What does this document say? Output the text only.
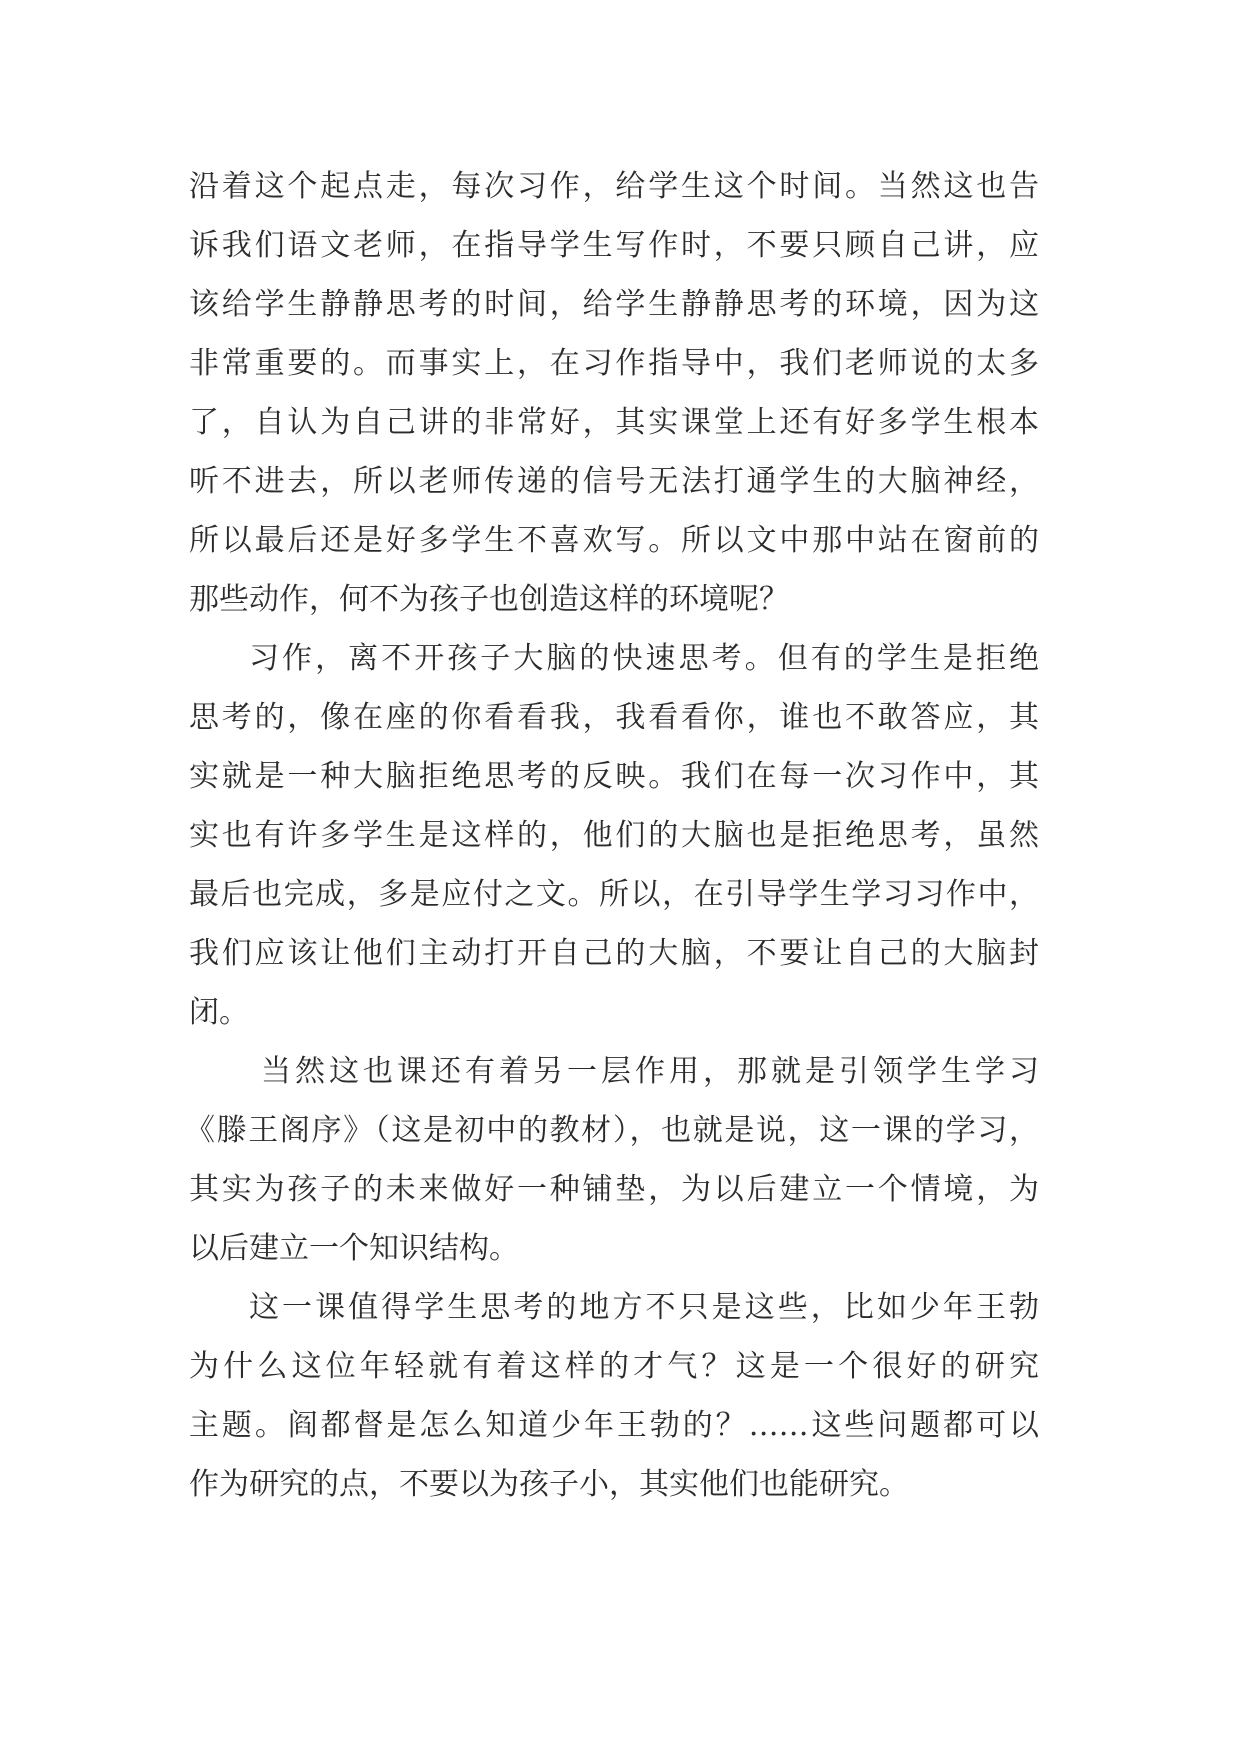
沿着这个起点走，每次习作，给学生这个时间。当然这也告
诉我们语文老师，在指导学生写作时，不要只顾自己讲，应
该给学生静静思考的时间，给学生静静思考的环境，因为这
非常重要的。而事实上，在习作指导中，我们老师说的太多
了，自认为自己讲的非常好，其实课堂上还有好多学生根本
听不进去，所以老师传递的信号无法打通学生的大脑神经，
所以最后还是好多学生不喜欢写。所以文中那中站在窗前的
那些动作，何不为孩子也创造这样的环境呢？
习作，离不开孩子大脑的快速思考。但有的学生是拒绝
思考的，像在座的你看看我，我看看你，谁也不敢答应，其
实就是一种大脑拒绝思考的反映。我们在每一次习作中，其
实也有许多学生是这样的，他们的大脑也是拒绝思考，虽然
最后也完成，多是应付之文。所以，在引导学生学习习作中，
我们应该让他们主动打开自己的大脑，不要让自己的大脑封
闭。
当然这也课还有着另一层作用，那就是引领学生学习
《滕王阁序》（这是初中的教材），也就是说，这一课的学习，
其实为孩子的未来做好一种铺垫，为以后建立一个情境，为
以后建立一个知识结构。
这一课值得学生思考的地方不只是这些，比如少年王勃
为什么这位年轻就有着这样的才气？这是一个很好的研究
主题。阎都督是怎么知道少年王勃的？……这些问题都可以
作为研究的点，不要以为孩子小，其实他们也能研究。
